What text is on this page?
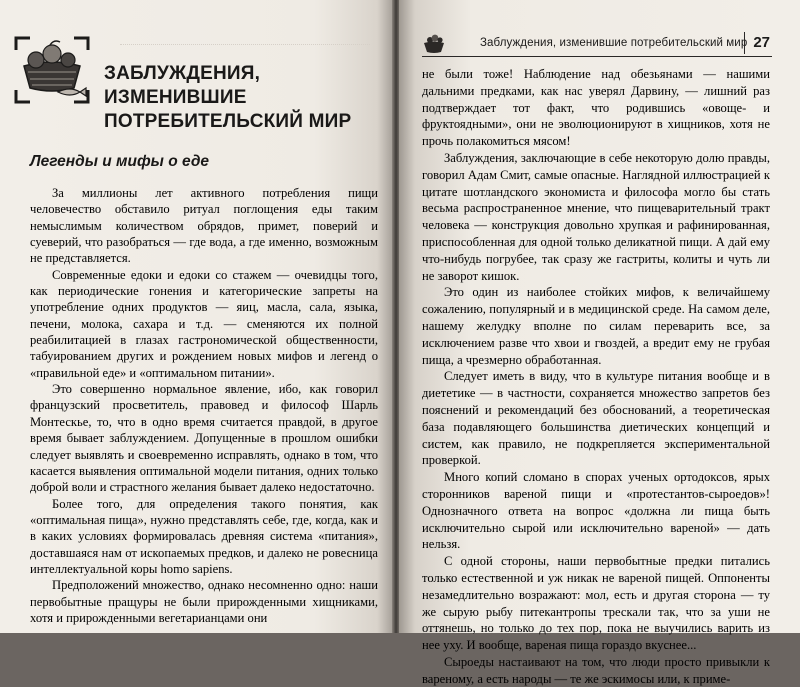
ЗАБЛУЖДЕНИЯ, ИЗМЕНИВШИЕ ПОТРЕБИТЕЛЬСКИЙ МИР
Легенды и мифы о еде

За миллионы лет активного потребления пищи человечество обставило ритуал поглощения еды таким немыслимым количеством обрядов, примет, поверий и суеверий, что разобраться — где вода, а где именно, возможным не представляется.

Современные едоки и едоки со стажем — очевидцы того, как периодические гонения и категорические запреты на употребление одних продуктов — яиц, масла, сала, языка, печени, молока, сахара и т.д. — сменяются их полной реабилитацией в глазах гастрономической общественности, табуированием других и рождением новых мифов и легенд о «правильной еде» и «оптимальном питании».

Это совершенно нормальное явление, ибо, как говорил французский просветитель, правовед и философ Шарль Монтескье, то, что в одно время считается правдой, в другое время бывает заблуждением. Допущенные в прошлом ошибки следует выявлять и своевременно исправлять, однако в том, что касается выявления оптимальной модели питания, одних только доброй воли и страстного желания бывает далеко недостаточно.

Более того, для определения такого понятия, как «оптимальная пища», нужно представлять себе, где, когда, как и в каких условиях формировалась древняя система «питания», доставшаяся нам от ископаемых предков, и далеко не ровесница интеллектуальной коры homo sapiens.

Предположений множество, однако несомненно одно: наши первобытные пращуры не были прирожденными хищниками, хотя и прирожденными вегетарианцами они

Заблуждения, изменившие потребительский мир 27

не были тоже! Наблюдение над обезьянами — нашими дальними предками, как нас уверял Дарвину, — лишний раз подтверждает тот факт, что родившись «овоще- и фруктоядными», они не эволюционируют в хищников, хотя не прочь полакомиться мясом!

Заблуждения, заключающие в себе некоторую долю правды, говорил Адам Смит, самые опасные. Наглядной иллюстрацией к цитате шотландского экономиста и философа могло бы стать весьма распространенное мнение, что пищеварительный тракт человека — конструкция довольно хрупкая и рафинированная, приспособленная для одной только деликатной пищи. А дай ему что-нибудь погрубее, так сразу же гастриты, колиты и чуть ли не заворот кишок.

Это один из наиболее стойких мифов, к величайшему сожалению, популярный и в медицинской среде. На самом деле, нашему желудку вполне по силам переварить все, за исключением разве что хвои и гвоздей, а вредит ему не грубая пища, а чрезмерно обработанная.

Следует иметь в виду, что в культуре питания вообще и в диететике — в частности, сохраняется множество запретов без пояснений и рекомендаций без обоснований, а теоретическая база подавляющего большинства диетических концепций и систем, как правило, не подкрепляется экспериментальной проверкой.

Много копий сломано в спорах ученых ортодоксов, ярых сторонников вареной пищи и «протестантов-сыроедов»! Однозначного ответа на вопрос «должна ли пища быть исключительно сырой или исключительно вареной» — дать нельзя.

С одной стороны, наши первобытные предки питались только естественной и уж никак не вареной пищей. Оппоненты незамедлительно возражают: мол, есть и другая сторона — ту же сырую рыбу питекантропы трескали так, что за уши не оттянешь, но только до тех пор, пока не выучились варить из нее уху. И вообще, вареная пища гораздо вкуснее...

Сыроеды настаивают на том, что люди просто привыкли к вареному, а есть народы — те же эскимосы или, к приме-
